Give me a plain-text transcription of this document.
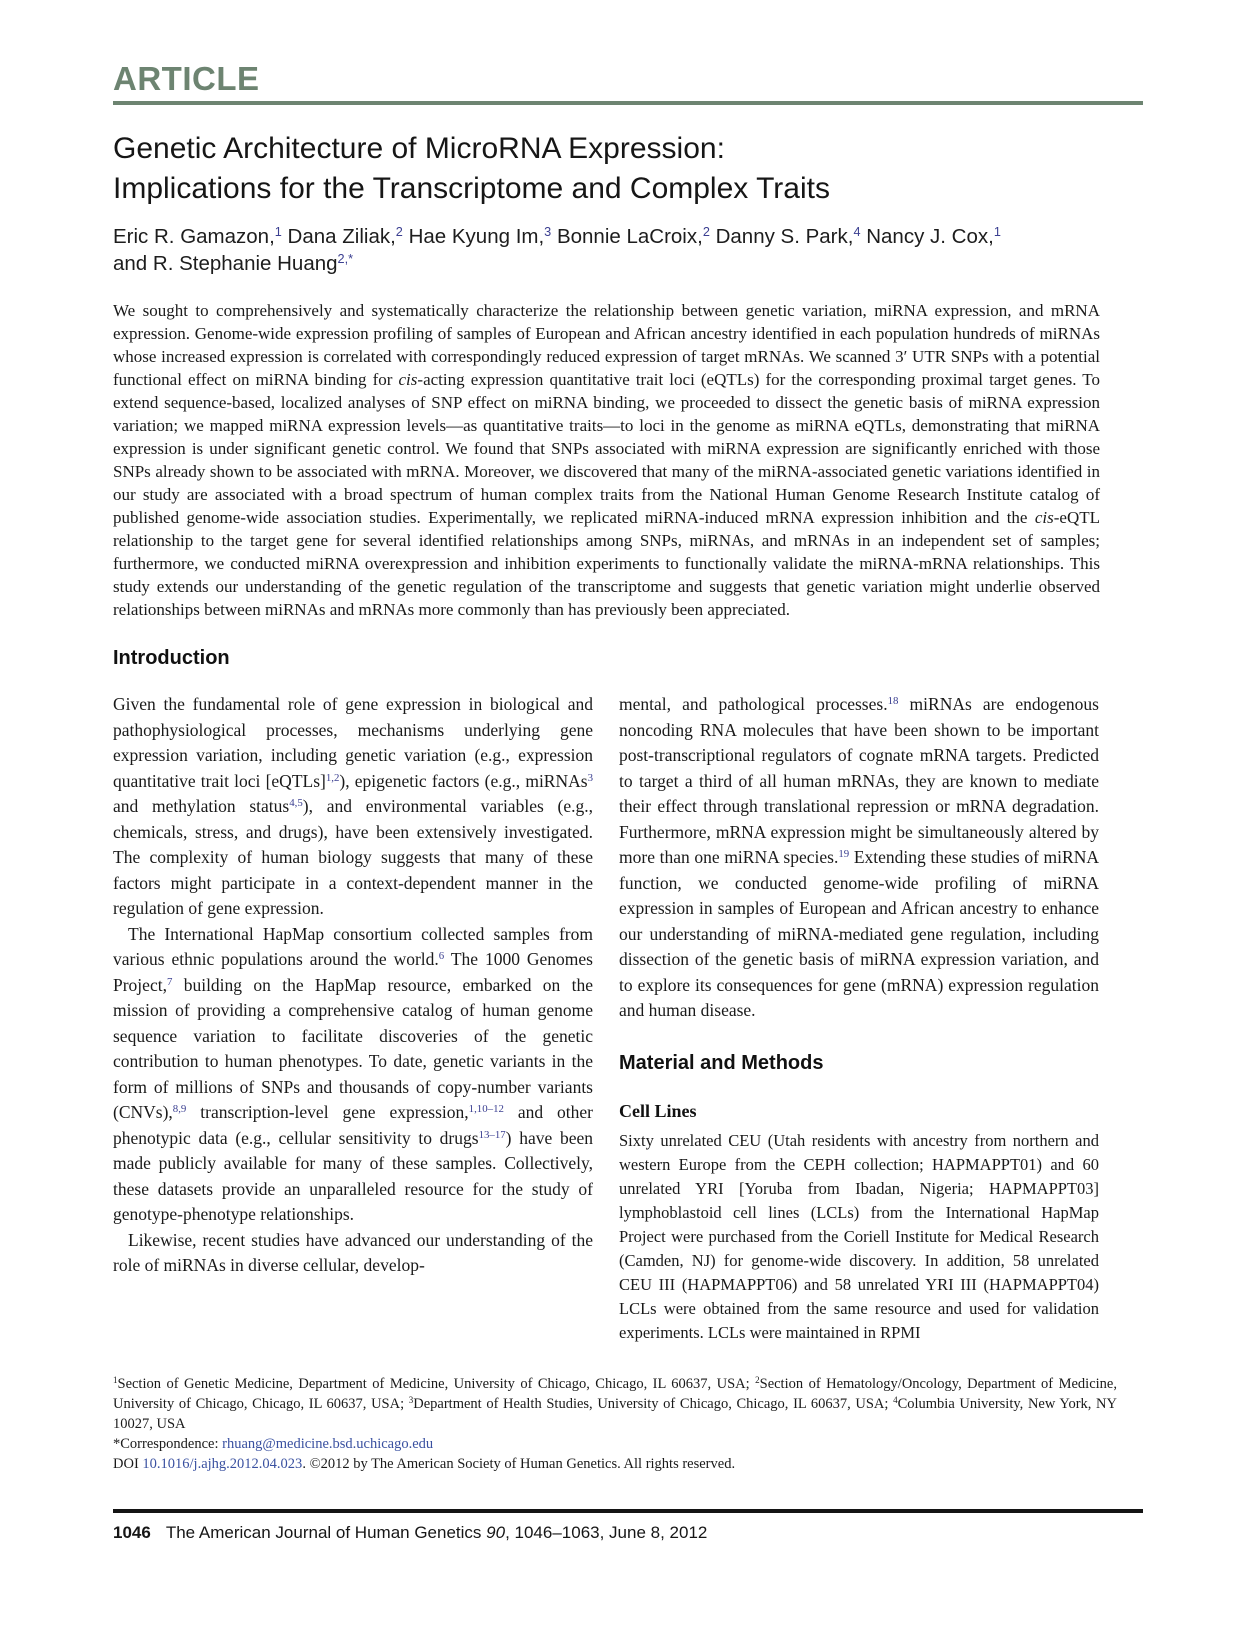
ARTICLE
Genetic Architecture of MicroRNA Expression:
Implications for the Transcriptome and Complex Traits
Eric R. Gamazon,$^1$ Dana Ziliak,$^2$ Hae Kyung Im,$^3$ Bonnie LaCroix,$^2$ Danny S. Park,$^4$ Nancy J. Cox,$^1$
and R. Stephanie Huang$^{2,*}$

We sought to comprehensively and systematically characterize the relationship between genetic variation, miRNA expression, and mRNA expression. Genome-wide expression profiling of samples of European and African ancestry identified in each population hundreds of miRNAs whose increased expression is correlated with correspondingly reduced expression of target mRNAs. We scanned 3′ UTR SNPs with a potential functional effect on miRNA binding for cis-acting expression quantitative trait loci (eQTLs) for the corresponding proximal target genes. To extend sequence-based, localized analyses of SNP effect on miRNA binding, we proceeded to dissect the genetic basis of miRNA expression variation; we mapped miRNA expression levels—as quantitative traits—to loci in the genome as miRNA eQTLs, demonstrating that miRNA expression is under significant genetic control. We found that SNPs associated with miRNA expression are significantly enriched with those SNPs already shown to be associated with mRNA. Moreover, we discovered that many of the miRNA-associated genetic variations identified in our study are associated with a broad spectrum of human complex traits from the National Human Genome Research Institute catalog of published genome-wide association studies. Experimentally, we replicated miRNA-induced mRNA expression inhibition and the cis-eQTL relationship to the target gene for several identified relationships among SNPs, miRNAs, and mRNAs in an independent set of samples; furthermore, we conducted miRNA overexpression and inhibition experiments to functionally validate the miRNA-mRNA relationships. This study extends our understanding of the genetic regulation of the transcriptome and suggests that genetic variation might underlie observed relationships between miRNAs and mRNAs more commonly than has previously been appreciated.

Introduction

Given the fundamental role of gene expression in biological and pathophysiological processes, mechanisms underlying gene expression variation, including genetic variation (e.g., expression quantitative trait loci [eQTLs]$^{1,2}$), epigenetic factors (e.g., miRNAs$^3$ and methylation status$^{4,5}$), and environmental variables (e.g., chemicals, stress, and drugs), have been extensively investigated. The complexity of human biology suggests that many of these factors might participate in a context-dependent manner in the regulation of gene expression.

The International HapMap consortium collected samples from various ethnic populations around the world.$^6$ The 1000 Genomes Project,$^7$ building on the HapMap resource, embarked on the mission of providing a comprehensive catalog of human genome sequence variation to facilitate discoveries of the genetic contribution to human phenotypes. To date, genetic variants in the form of millions of SNPs and thousands of copy-number variants (CNVs),$^{8,9}$ transcription-level gene expression,$^{1,10-12}$ and other phenotypic data (e.g., cellular sensitivity to drugs$^{13-17}$) have been made publicly available for many of these samples. Collectively, these datasets provide an unparalleled resource for the study of genotype-phenotype relationships.

Likewise, recent studies have advanced our understanding of the role of miRNAs in diverse cellular, develop-

mental, and pathological processes.$^{18}$ miRNAs are endogenous noncoding RNA molecules that have been shown to be important post-transcriptional regulators of cognate mRNA targets. Predicted to target a third of all human mRNAs, they are known to mediate their effect through translational repression or mRNA degradation. Furthermore, mRNA expression might be simultaneously altered by more than one miRNA species.$^{19}$ Extending these studies of miRNA function, we conducted genome-wide profiling of miRNA expression in samples of European and African ancestry to enhance our understanding of miRNA-mediated gene regulation, including dissection of the genetic basis of miRNA expression variation, and to explore its consequences for gene (mRNA) expression regulation and human disease.

Material and Methods
Cell Lines

Sixty unrelated CEU (Utah residents with ancestry from northern and western Europe from the CEPH collection; HAPMAPPT01) and 60 unrelated YRI [Yoruba from Ibadan, Nigeria; HAPMAPPT03] lymphoblastoid cell lines (LCLs) from the International HapMap Project were purchased from the Coriell Institute for Medical Research (Camden, NJ) for genome-wide discovery. In addition, 58 unrelated CEU III (HAPMAPPT06) and 58 unrelated YRI III (HAPMAPPT04) LCLs were obtained from the same resource and used for validation experiments. LCLs were maintained in RPMI

$^1$Section of Genetic Medicine, Department of Medicine, University of Chicago, Chicago, IL 60637, USA; $^2$Section of Hematology/Oncology, Department of Medicine, University of Chicago, Chicago, IL 60637, USA; $^3$Department of Health Studies, University of Chicago, Chicago, IL 60637, USA; $^4$Columbia University, New York, NY 10027, USA

*Correspondence: rhuang@medicine.bsd.uchicago.edu

DOI 10.1016/j.ajhg.2012.04.023. ©2012 by The American Society of Human Genetics. All rights reserved.

1046 The American Journal of Human Genetics 90, 1046–1063, June 8, 2012
